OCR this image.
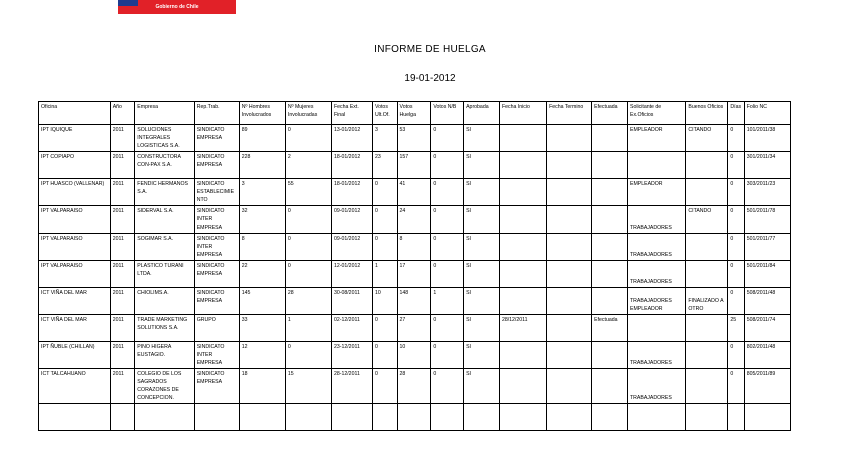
Gobierno de Chile
INFORME DE HUELGA
19-01-2012
Oficina	Año	Empresa	Rep.Trab.	Nº Hombres Involucrados	Nº Mujeres Involucradas	Fecha Ext. Final	Votos Ult.Of.	Votos Huelga	Votos N/B	Aprobada	Fecha Inicio	Fecha Termino	Efectuada	Solicitante de Ex.Oficios	Buenos Oficios	Días	Folio NC
IPT IQUIQUE	2011	SOLUCIONES INTEGRALES LOGISTICAS S.A.	SINDICATO EMPRESA	89	0	13-01/2012	3	53	0	SI				EMPLEADOR	CITANDO	0	101/2011/38
IPT COPIAPO	2011	CONSTRUCTORA CON-PAX S.A.	SINDICATO EMPRESA	228	2	18-01/2012	23	157	0	SI						0	301/2011/34
IPT HUASCO (VALLENAR)	2011	FENDIC HERMANOS S.A.	SINDICATO ESTABLECIMIENTO	3	55	18-01/2012	0	41	0	SI				EMPLEADOR		0	303/2011/23
IPT VALPARAISO	2011	SIDERVAL S.A.	SINDICATO INTER EMPRESA	32	0	09-01/2012	0	24	0	SI				TRABAJADORES	CITANDO	0	501/2011/78
IPT VALPARAISO	2011	SOGIMAR S.A.	SINDICATO INTER EMPRESA	8	0	09-01/2012	0	8	0	SI				TRABAJADORES		0	501/2011/77
IPT VALPARAISO	2011	PLASTICO TURANI LTDA.	SINDICATO EMPRESA	22	0	12-01/2012	1	17	0	SI				TRABAJADORES		0	501/2011/84
ICT VIÑA DEL MAR	2011	CHIOLIMS.A.	SINDICATO EMPRESA	145	28	30-08/2011	10	148	1	SI				TRABAJADORES EMPLEADOR	FINALIZADO A OTRO	0	508/2011/48
ICT VIÑA DEL MAR	2011	TRADE MARKETING SOLUTIONS S.A.	GRUPO	33	1	02-12/2011	0	27	0	SI	28/12/2011		Efectuada			25	508/2011/74
IPT ÑUBLE (CHILLAN)	2011	PINO HIGERA EUSTAGIO.	SINDICATO INTER EMPRESA	12	0	23-12/2011	0	10	0	SI				TRABAJADORES		0	802/2011/48
ICT TALCAHUANO	2011	COLEGIO DE LOS SAGRADOS CORAZONES DE CONCEPCION.	SINDICATO EMPRESA	18	15	28-12/2011	0	28	0	SI				TRABAJADORES		0	805/2011/89
